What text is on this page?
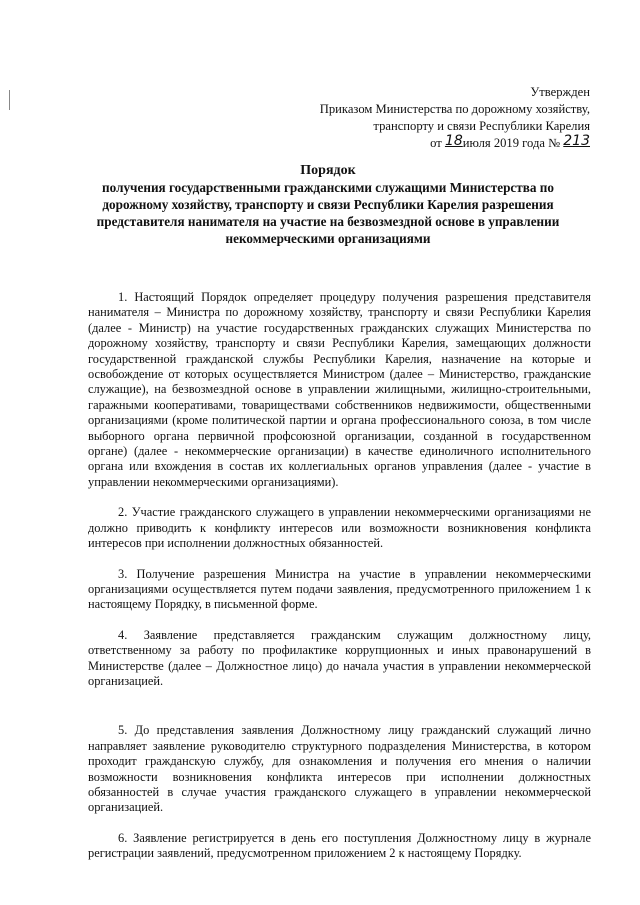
Утвержден
Приказом Министерства по дорожному хозяйству,
транспорту и связи Республики Карелия
от 18июля 2019 года № 213
Порядок
получения государственными гражданскими служащими Министерства по дорожному хозяйству, транспорту и связи Республики Карелия разрешения представителя нанимателя на участие на безвозмездной основе в управлении некоммерческими организациями

1. Настоящий Порядок определяет процедуру получения разрешения представителя нанимателя – Министра по дорожному хозяйству, транспорту и связи Республики Карелия (далее - Министр) на участие государственных гражданских служащих Министерства по дорожному хозяйству, транспорту и связи Республики Карелия, замещающих должности государственной гражданской службы Республики Карелия, назначение на которые и освобождение от которых осуществляется Министром (далее – Министерство, гражданские служащие), на безвозмездной основе в управлении жилищными, жилищно-строительными, гаражными кооперативами, товариществами собственников недвижимости, общественными организациями (кроме политической партии и органа профессионального союза, в том числе выборного органа первичной профсоюзной организации, созданной в государственном органе) (далее - некоммерческие организации) в качестве единоличного исполнительного органа или вхождения в состав их коллегиальных органов управления (далее - участие в управлении некоммерческими организациями).

2. Участие гражданского служащего в управлении некоммерческими организациями не должно приводить к конфликту интересов или возможности возникновения конфликта интересов при исполнении должностных обязанностей.

3. Получение разрешения Министра на участие в управлении некоммерческими организациями осуществляется путем подачи заявления, предусмотренного приложением 1 к настоящему Порядку, в письменной форме.

4. Заявление представляется гражданским служащим должностному лицу, ответственному за работу по профилактике коррупционных и иных правонарушений в Министерстве (далее – Должностное лицо) до начала участия в управлении некоммерческой организацией.

5. До представления заявления Должностному лицу гражданский служащий лично направляет заявление руководителю структурного подразделения Министерства, в котором проходит гражданскую службу, для ознакомления и получения его мнения о наличии возможности возникновения конфликта интересов при исполнении должностных обязанностей в случае участия гражданского служащего в управлении некоммерческой организацией.

6. Заявление регистрируется в день его поступления Должностному лицу в журнале регистрации заявлений, предусмотренном приложением 2 к настоящему Порядку.
